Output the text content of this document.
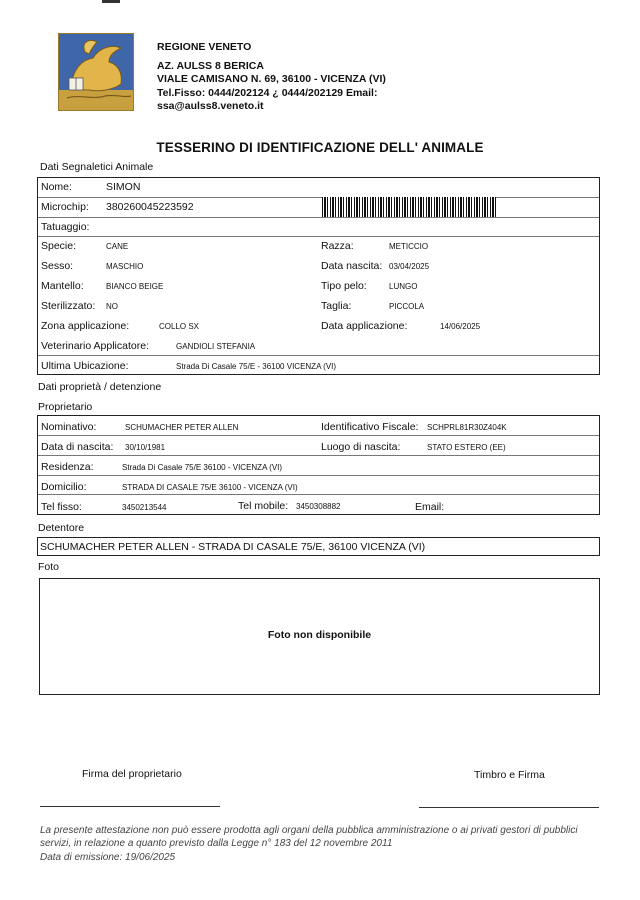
REGIONE VENETO
AZ. AULSS 8 BERICA
VIALE CAMISANO N. 69, 36100 - VICENZA (VI)
Tel.Fisso: 0444/202124 ¿ 0444/202129 Email:
ssa@aulss8.veneto.it
TESSERINO DI IDENTIFICAZIONE DELL' ANIMALE
Dati Segnaletici Animale
Nome:	SIMON
Microchip: 380260045223592
Tatuaggio:
Specie:	CANE	Razza:	METICCIO
Sesso:	MASCHIO	Data nascita: 03/04/2025
Mantello:	BIANCO BEIGE	Tipo pelo:	LUNGO
Sterilizzato: NO	Taglia:	PICCOLA
Zona applicazione:	COLLO SX	Data applicazione:	14/06/2025
Veterinario Applicatore:	GANDIOLI STEFANIA
Ultima Ubicazione:	Strada Di Casale 75/E - 36100 VICENZA (VI)
Dati proprietà / detenzione
Proprietario
Nominativo:	SCHUMACHER PETER ALLEN	Identificativo Fiscale: SCHPRL81R30Z404K
Data di nascita: 30/10/1981	Luogo di nascita:	STATO ESTERO (EE)
Residenza:	Strada Di Casale 75/E 36100 - VICENZA (VI)
Domicilio:	STRADA DI CASALE 75/E 36100 - VICENZA (VI)
Tel fisso:	3450213544	Tel mobile: 3450308882	Email:
Detentore
SCHUMACHER PETER ALLEN - STRADA DI CASALE 75/E, 36100 VICENZA (VI)
Foto
Foto non disponibile
Firma del proprietario	Timbro e Firma
La presente attestazione non può essere prodotta agli organi della pubblica amministrazione o ai privati gestori di pubblici servizi, in relazione a quanto previsto dalla Legge n° 183 del 12 novembre 2011
Data di emissione: 19/06/2025
